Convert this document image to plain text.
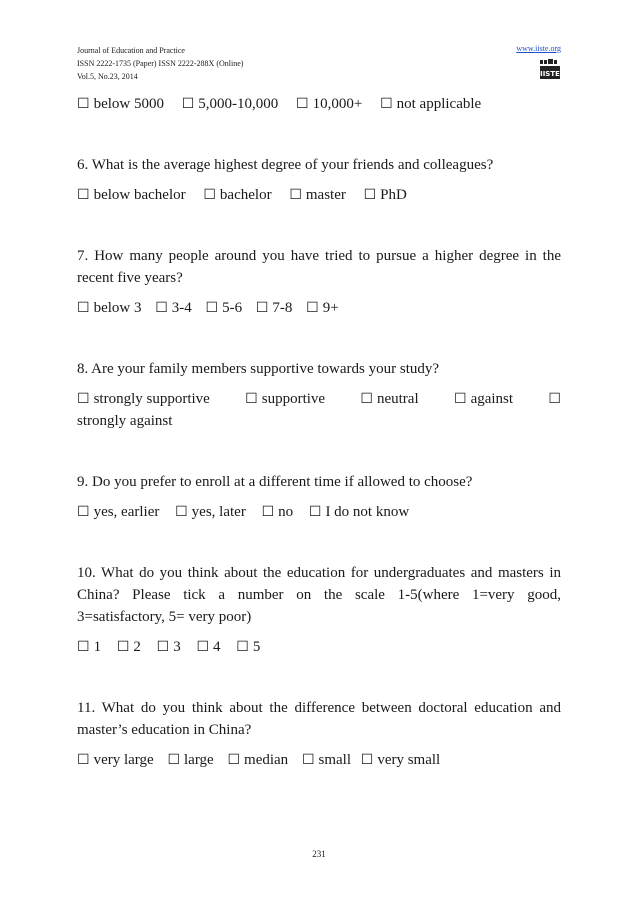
Journal of Education and Practice
ISSN 2222-1735 (Paper) ISSN 2222-288X (Online)
Vol.5, No.23, 2014
www.iiste.org
IISTE
☐ below 5000 ☐ 5,000-10,000 ☐ 10,000+ ☐ not applicable
6. What is the average highest degree of your friends and colleagues?
☐ below bachelor ☐ bachelor ☐ master ☐ PhD
7. How many people around you have tried to pursue a higher degree in the recent five years?
☐ below 3 ☐ 3-4 ☐ 5-6 ☐ 7-8 ☐ 9+
8. Are your family members supportive towards your study?
☐ strongly supportive	☐ supportive	☐ neutral	☐ against	☐
strongly against
9. Do you prefer to enroll at a different time if allowed to choose?
☐ yes, earlier ☐ yes, later ☐ no ☐ I do not know
10. What do you think about the education for undergraduates and masters in China? Please tick a number on the scale 1-5(where 1=very good, 3=satisfactory, 5= very poor)
☐ 1 ☐ 2 ☐ 3 ☐ 4 ☐ 5
11. What do you think about the difference between doctoral education and master’s education in China?
☐ very large ☐ large ☐ median ☐ small ☐ very small
231
